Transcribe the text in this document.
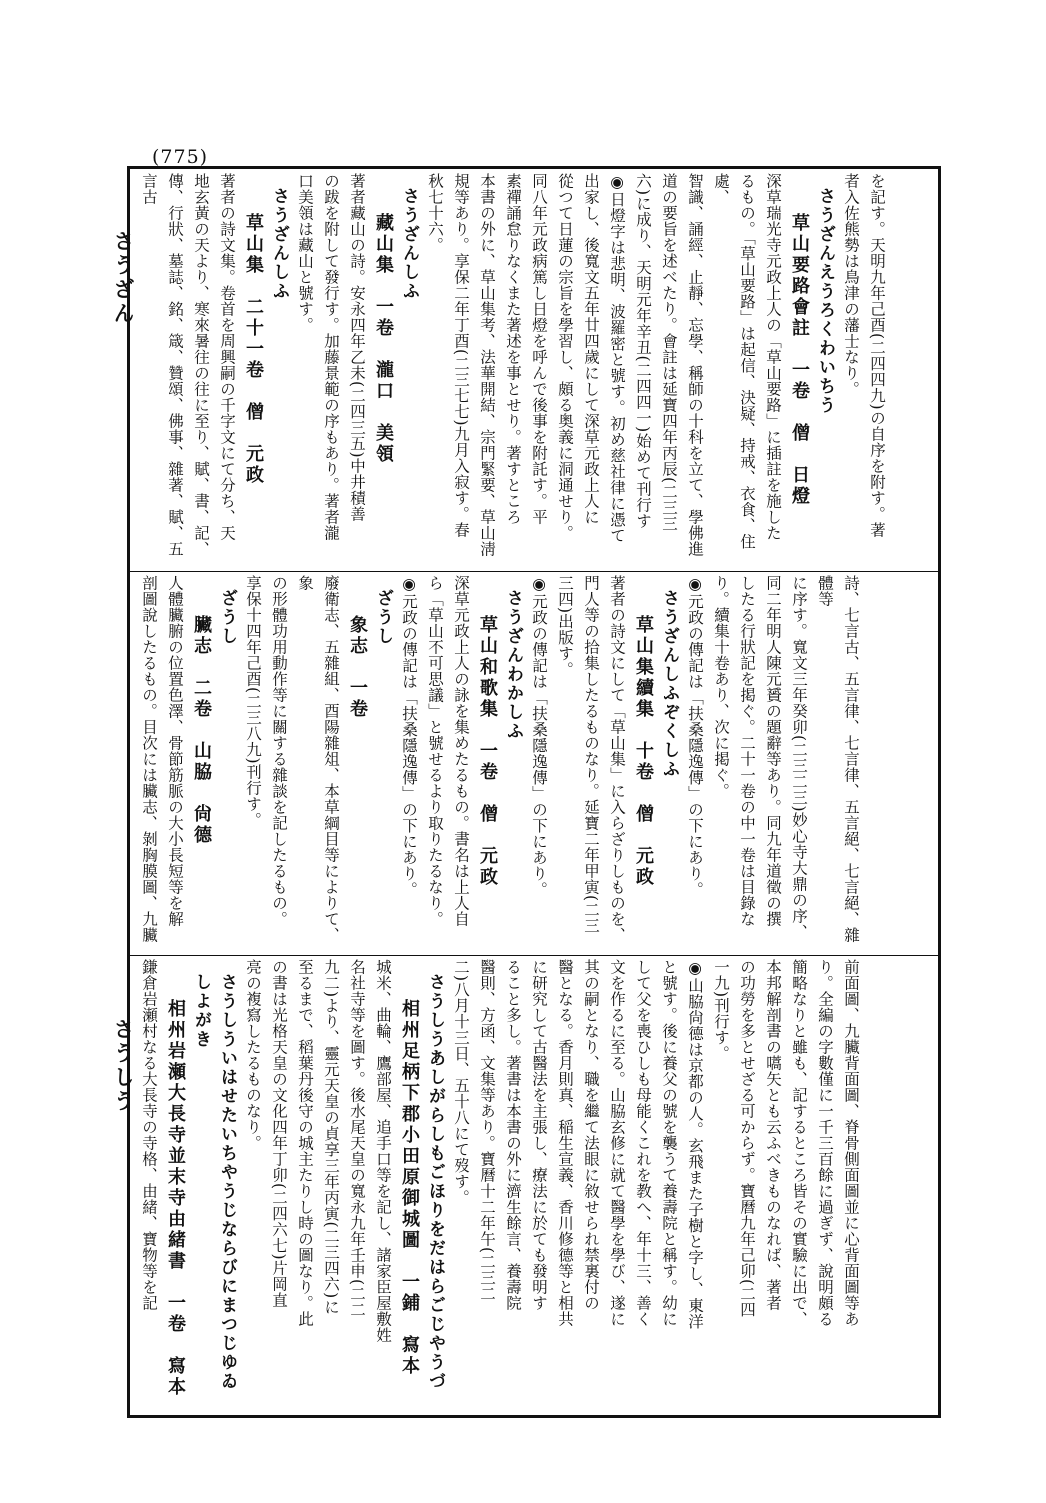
(775)
さうざん
さうしう
を記す。天明九年己酉(二四四九)の自序を附す。著
者入佐熊勢は鳥津の藩士なり。
さうざんえうろくわいちう
草山要路會註　一卷　僧　日燈
深草瑞光寺元政上人の「草山要路」に插註を施した
るもの。「草山要路」は起信、決疑、持戒、衣食、住處、
智識、誦經、止靜、忘學、稱師の十科を立て、學佛進
道の要旨を述べたり。會註は延寶四年丙辰(二三三
六)に成り、天明元年辛丑(二四四一)始めて刊行す
◉日燈字は悲明、波羅密と號す。初め慈社律に憑て
出家し、後寬文五年廿四歲にして深草元政上人に
從つて日蓮の宗旨を學習し、頗る奥義に洞通せり。
同八年元政病篤し日燈を呼んで後事を附託す。平
素禪誦怠りなくまた著述を事とせり。著すところ
本書の外に、草山集考、法華開結、宗門緊要、草山淸
規等あり。享保二年丁酉(二三七七)九月入寂す。春
秋七十六。
さうざんしふ
藏山集　一卷　瀧口　美領
著者藏山の詩。安永四年乙未(二四三五)中井積善
の跋を附して發行す。加藤景範の序もあり。著者瀧
口美領は藏山と號す。
さうざんしふ
草山集　二十一卷　僧　元政
著者の詩文集。卷首を周興嗣の千字文にて分ち、天
地玄黃の天より、寒來暑往の往に至り、賦、書、記、
傳、行狀、墓誌、銘、箴、贊頌、佛事、雜著、賦、五言古
詩、七言古、五言律、七言律、五言絕、七言絕、雜體等
に序す。寬文三年癸卯(二三二三)妙心寺大鼎の序、
同二年明人陳元贇の題辭等あり。同九年道徵の撰
したる行狀記を掲ぐ。二十一卷の中一卷は目錄な
り。續集十卷あり、次に掲ぐ。
◉元政の傳記は「扶桑隱逸傳」の下にあり。
さうざんしふぞくしふ
草山集續集　十卷　僧　元政
著者の詩文にして「草山集」に入らざりしものを、
門人等の拾集したるものなり。延寶二年甲寅(二三
三四)出版す。
◉元政の傳記は「扶桑隱逸傳」の下にあり。
さうざんわかしふ
草山和歌集　一卷　僧　元政
深草元政上人の詠を集めたるもの。書名は上人自
ら「草山不可思議」と號せるより取りたるなり。
◉元政の傳記は「扶桑隱逸傳」の下にあり。
ざうし
象志　一卷
廢衛志、五雜組、酉陽雜俎、本草綱目等によりて、象
の形體功用動作等に關する雜談を記したるもの。
享保十四年己酉(二三八九)刊行す。
ざうし
臟志　二卷　山脇　尙德
人體臟腑の位置色澤、骨節筋脈の大小長短等を解
剖圖說したるもの。目次には臟志、剝胸膜圖、九臟
前面圖、九臟背面圖、脊骨側面圖並に心背面圖等あ
り。全編の字數僅に一千三百餘に過ぎず、說明頗る
簡略なりと雖も、記するところ皆その實驗に出で、
本邦解剖書の嚆矢とも云ふべきものなれば、著者
の功勞を多とせざる可からず。寶曆九年己卯(二四
一九)刊行す。
◉山脇尙德は京都の人。玄飛また子樹と字し、東洋
と號す。後に養父の號を襲うて養壽院と稱す。幼に
して父を喪ひしも母能くこれを教へ、年十三、善く
文を作るに至る。山脇玄修に就て醫學を學び、遂に
其の嗣となり、職を繼て法眼に敘せられ禁裏付の
醫となる。香月則真、稲生宣義、香川修德等と相共
に研究して古醫法を主張し、療法に於ても發明す
ること多し。著書は本書の外に濟生餘言、養壽院
醫則、方函、文集等あり。寶曆十二年午(二三二
二)八月十三日、五十八にて歿す。
さうしうあしがらしもごほりをだはらごじやうづ
相州足柄下郡小田原御城圖　一鋪　寫本
城米、曲輪、鷹部屋、追手口等を記し、諸家臣屋敷姓
名社寺等を圖す。後水尾天皇の寬永九年壬申(二二
九二)より、靈元天皇の貞享三年丙寅(二三四六)に
至るまで、稻葉丹後守の城主たりし時の圖なり。此
の書は光格天皇の文化四年丁卯(二四六七)片岡直
亮の複寫したるものなり。
さうしういはせたいちやうじならびにまつじゆゐ
しよがき
相州岩瀬大長寺並末寺由緒書　一卷　寫本
鎌倉岩瀬村なる大長寺の寺格、由緒、寶物等を記
